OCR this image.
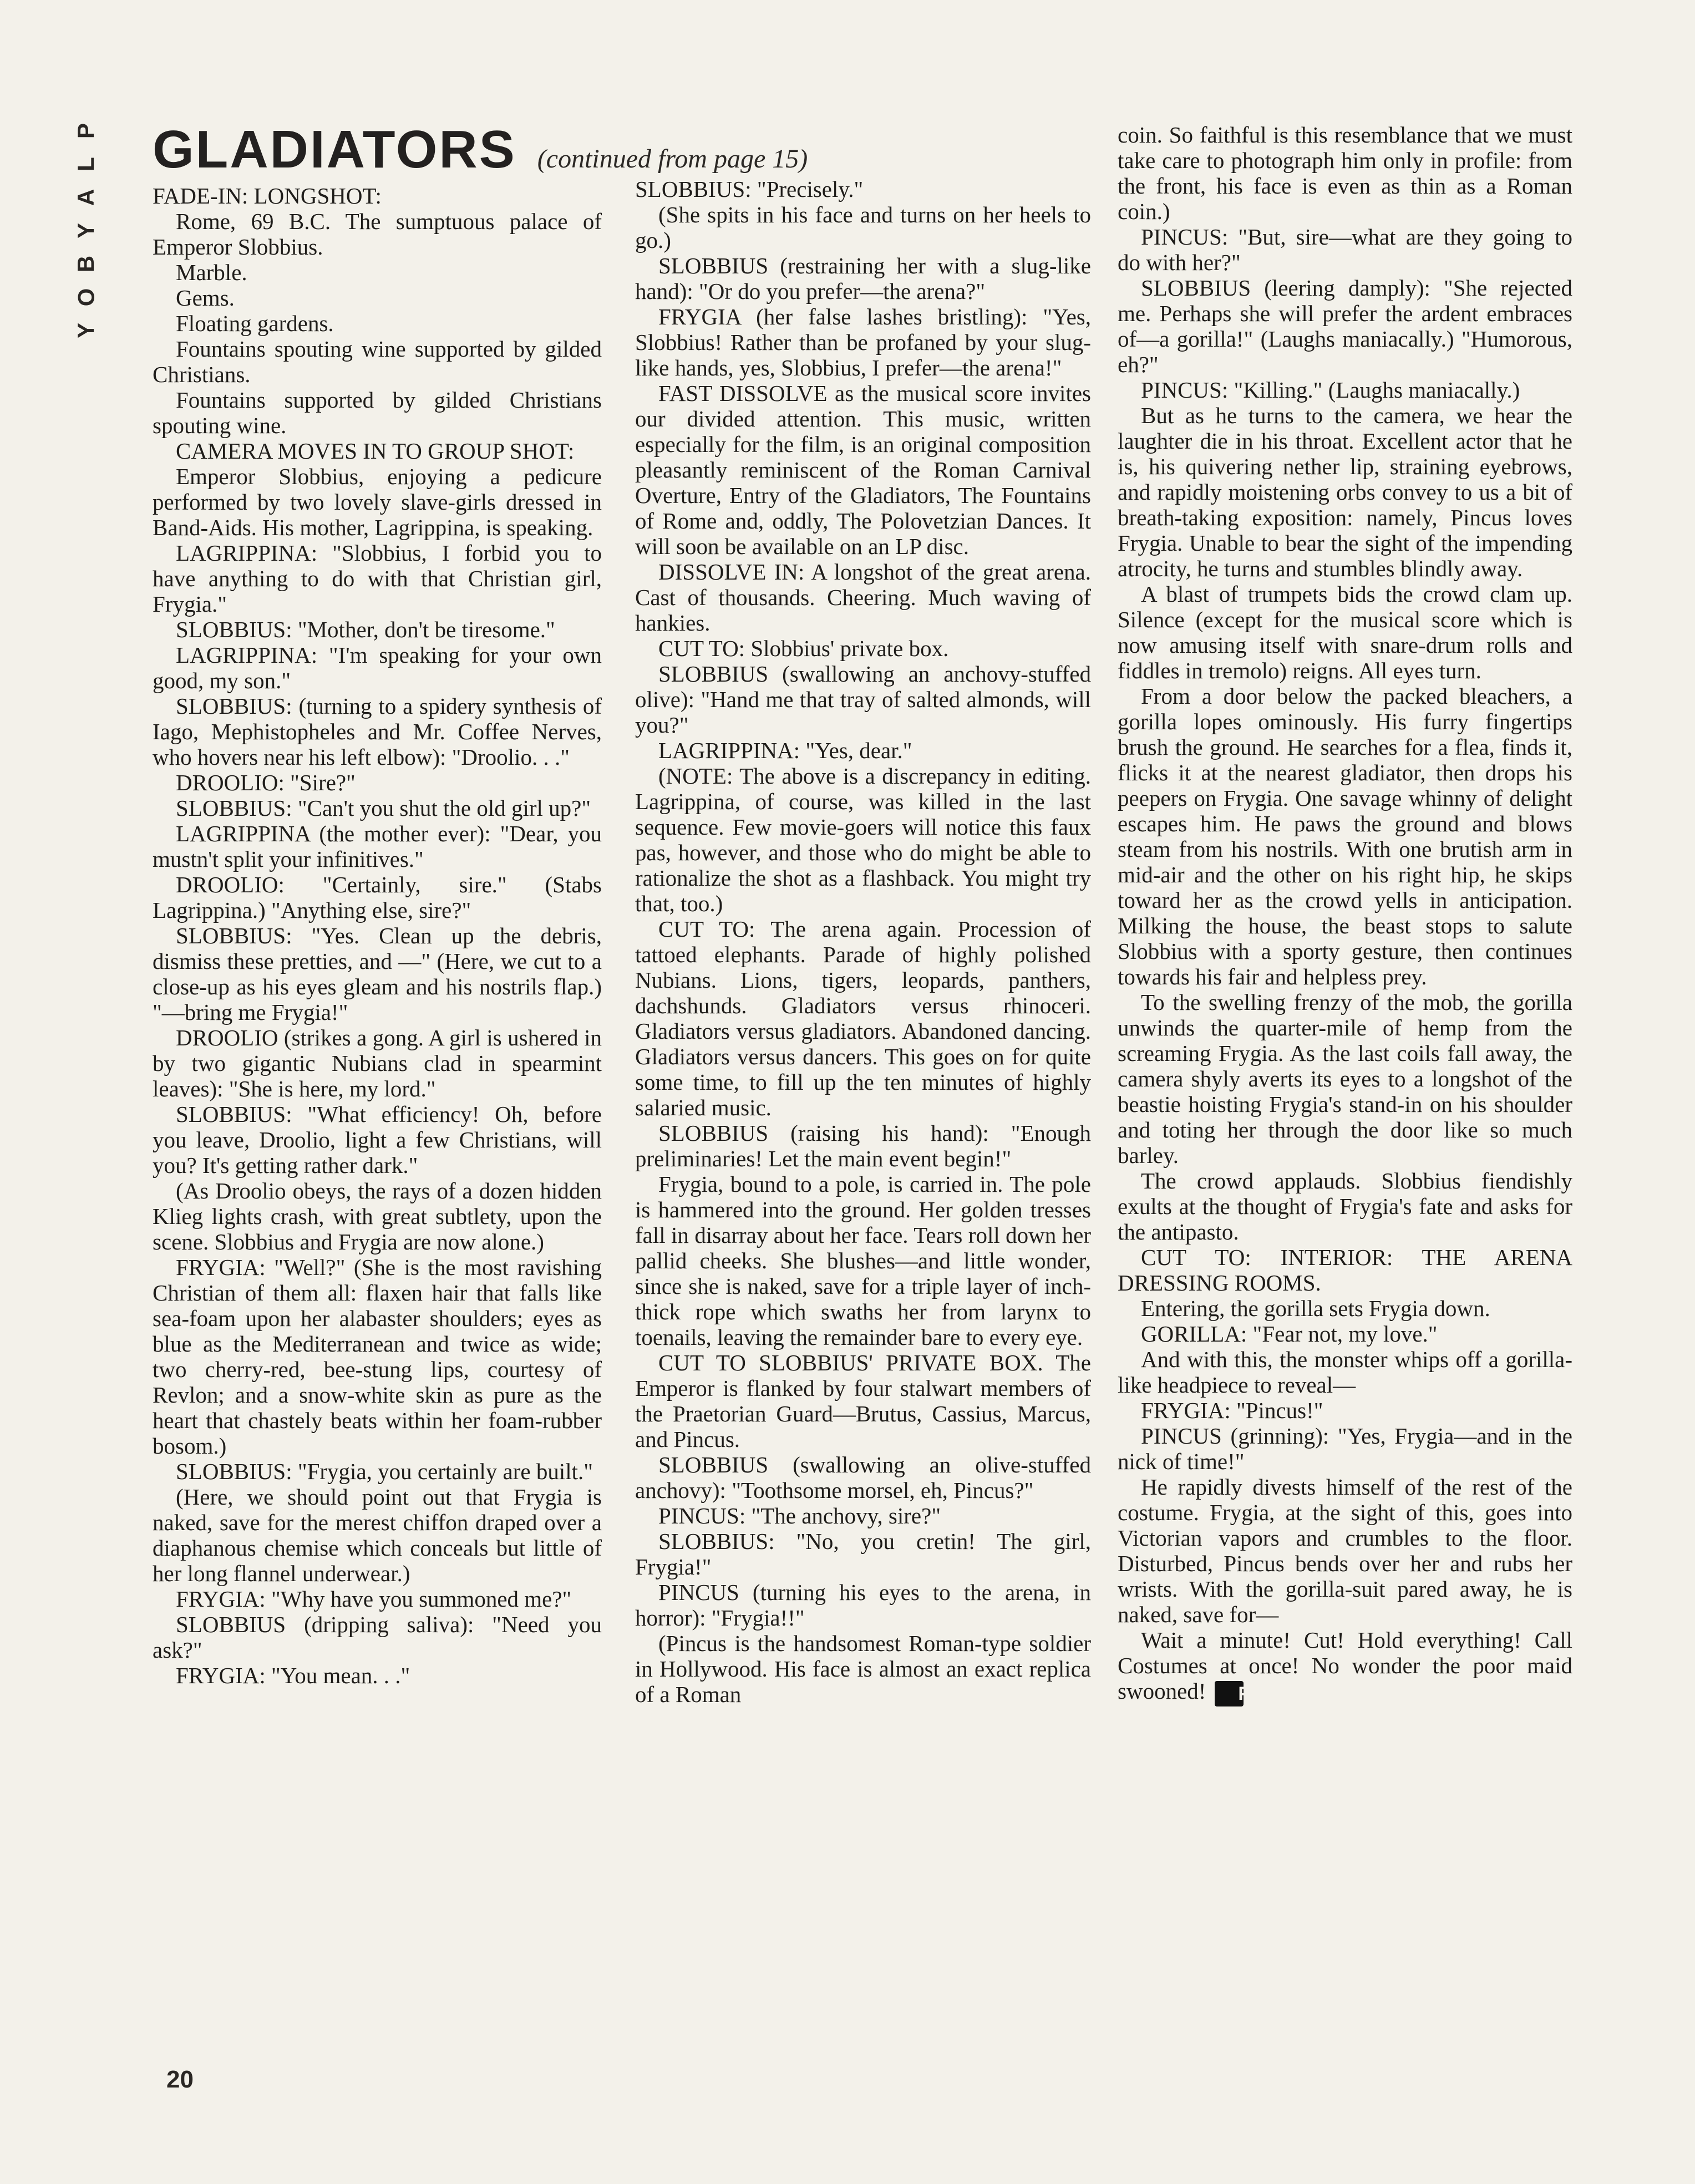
P
L
A
Y
B
O
Y
GLADIATORS (continued from page 15)

FADE-IN: LONGSHOT:

Rome, 69 B.C. The sumptuous palace of Emperor Slobbius.

Marble.

Gems.

Floating gardens.

Fountains spouting wine supported by gilded Christians.

Fountains supported by gilded Christians spouting wine.

CAMERA MOVES IN TO GROUP SHOT:

Emperor Slobbius, enjoying a pedicure performed by two lovely slave-girls dressed in Band-Aids. His mother, Lagrippina, is speaking.

LAGRIPPINA: "Slobbius, I forbid you to have anything to do with that Christian girl, Frygia."

SLOBBIUS: "Mother, don't be tiresome."

LAGRIPPINA: "I'm speaking for your own good, my son."

SLOBBIUS: (turning to a spidery synthesis of Iago, Mephistopheles and Mr. Coffee Nerves, who hovers near his left elbow): "Droolio. . ."

DROOLIO: "Sire?"

SLOBBIUS: "Can't you shut the old girl up?"

LAGRIPPINA (the mother ever): "Dear, you mustn't split your infinitives."

DROOLIO: "Certainly, sire." (Stabs Lagrippina.) "Anything else, sire?"

SLOBBIUS: "Yes. Clean up the debris, dismiss these pretties, and —" (Here, we cut to a close-up as his eyes gleam and his nostrils flap.) "—bring me Frygia!"

DROOLIO (strikes a gong. A girl is ushered in by two gigantic Nubians clad in spearmint leaves): "She is here, my lord."

SLOBBIUS: "What efficiency! Oh, before you leave, Droolio, light a few Christians, will you? It's getting rather dark."

(As Droolio obeys, the rays of a dozen hidden Klieg lights crash, with great subtlety, upon the scene. Slobbius and Frygia are now alone.)

FRYGIA: "Well?" (She is the most ravishing Christian of them all: flaxen hair that falls like sea-foam upon her alabaster shoulders; eyes as blue as the Mediterranean and twice as wide; two cherry-red, bee-stung lips, courtesy of Revlon; and a snow-white skin as pure as the heart that chastely beats within her foam-rubber bosom.)

SLOBBIUS: "Frygia, you certainly are built."

(Here, we should point out that Frygia is naked, save for the merest chiffon draped over a diaphanous chemise which conceals but little of her long flannel underwear.)

FRYGIA: "Why have you summoned me?"

SLOBBIUS (dripping saliva): "Need you ask?"

FRYGIA: "You mean. . ."

SLOBBIUS: "Precisely."

(She spits in his face and turns on her heels to go.)

SLOBBIUS (restraining her with a slug-like hand): "Or do you prefer—the arena?"

FRYGIA (her false lashes bristling): "Yes, Slobbius! Rather than be profaned by your slug-like hands, yes, Slobbius, I prefer—the arena!"

FAST DISSOLVE as the musical score invites our divided attention. This music, written especially for the film, is an original composition pleasantly reminiscent of the Roman Carnival Overture, Entry of the Gladiators, The Fountains of Rome and, oddly, The Polovetzian Dances. It will soon be available on an LP disc.

DISSOLVE IN: A longshot of the great arena. Cast of thousands. Cheering. Much waving of hankies.

CUT TO: Slobbius' private box.

SLOBBIUS (swallowing an anchovy-stuffed olive): "Hand me that tray of salted almonds, will you?"

LAGRIPPINA: "Yes, dear."

(NOTE: The above is a discrepancy in editing. Lagrippina, of course, was killed in the last sequence. Few movie-goers will notice this faux pas, however, and those who do might be able to rationalize the shot as a flashback. You might try that, too.)

CUT TO: The arena again. Procession of tattoed elephants. Parade of highly polished Nubians. Lions, tigers, leopards, panthers, dachshunds. Gladiators versus rhinoceri. Gladiators versus gladiators. Abandoned dancing. Gladiators versus dancers. This goes on for quite some time, to fill up the ten minutes of highly salaried music.

SLOBBIUS (raising his hand): "Enough preliminaries! Let the main event begin!"

Frygia, bound to a pole, is carried in. The pole is hammered into the ground. Her golden tresses fall in disarray about her face. Tears roll down her pallid cheeks. She blushes—and little wonder, since she is naked, save for a triple layer of inch-thick rope which swaths her from larynx to toenails, leaving the remainder bare to every eye.

CUT TO SLOBBIUS' PRIVATE BOX. The Emperor is flanked by four stalwart members of the Praetorian Guard—Brutus, Cassius, Marcus, and Pincus.

SLOBBIUS (swallowing an olive-stuffed anchovy): "Toothsome morsel, eh, Pincus?"

PINCUS: "The anchovy, sire?"

SLOBBIUS: "No, you cretin! The girl, Frygia!"

PINCUS (turning his eyes to the arena, in horror): "Frygia!!"

(Pincus is the handsomest Roman-type soldier in Hollywood. His face is almost an exact replica of a Roman

coin. So faithful is this resemblance that we must take care to photograph him only in profile: from the front, his face is even as thin as a Roman coin.)

PINCUS: "But, sire—what are they going to do with her?"

SLOBBIUS (leering damply): "She rejected me. Perhaps she will prefer the ardent embraces of—a gorilla!" (Laughs maniacally.) "Humorous, eh?"

PINCUS: "Killing." (Laughs maniacally.)

But as he turns to the camera, we hear the laughter die in his throat. Excellent actor that he is, his quivering nether lip, straining eyebrows, and rapidly moistening orbs convey to us a bit of breath-taking exposition: namely, Pincus loves Frygia. Unable to bear the sight of the impending atrocity, he turns and stumbles blindly away.

A blast of trumpets bids the crowd clam up. Silence (except for the musical score which is now amusing itself with snare-drum rolls and fiddles in tremolo) reigns. All eyes turn.

From a door below the packed bleachers, a gorilla lopes ominously. His furry fingertips brush the ground. He searches for a flea, finds it, flicks it at the nearest gladiator, then drops his peepers on Frygia. One savage whinny of delight escapes him. He paws the ground and blows steam from his nostrils. With one brutish arm in mid-air and the other on his right hip, he skips toward her as the crowd yells in anticipation. Milking the house, the beast stops to salute Slobbius with a sporty gesture, then continues towards his fair and helpless prey.

To the swelling frenzy of the mob, the gorilla unwinds the quarter-mile of hemp from the screaming Frygia. As the last coils fall away, the camera shyly averts its eyes to a longshot of the beastie hoisting Frygia's stand-in on his shoulder and toting her through the door like so much barley.

The crowd applauds. Slobbius fiendishly exults at the thought of Frygia's fate and asks for the antipasto.

CUT TO: INTERIOR: THE ARENA DRESSING ROOMS.

Entering, the gorilla sets Frygia down.

GORILLA: "Fear not, my love."

And with this, the monster whips off a gorilla-like headpiece to reveal—

FRYGIA: "Pincus!"

PINCUS (grinning): "Yes, Frygia—and in the nick of time!"

He rapidly divests himself of the rest of the costume. Frygia, at the sight of this, goes into Victorian vapors and crumbles to the floor. Disturbed, Pincus bends over her and rubs her wrists. With the gorilla-suit pared away, he is naked, save for—

Wait a minute! Cut! Hold everything! Call Costumes at once! No wonder the poor maid swooned! P

20
